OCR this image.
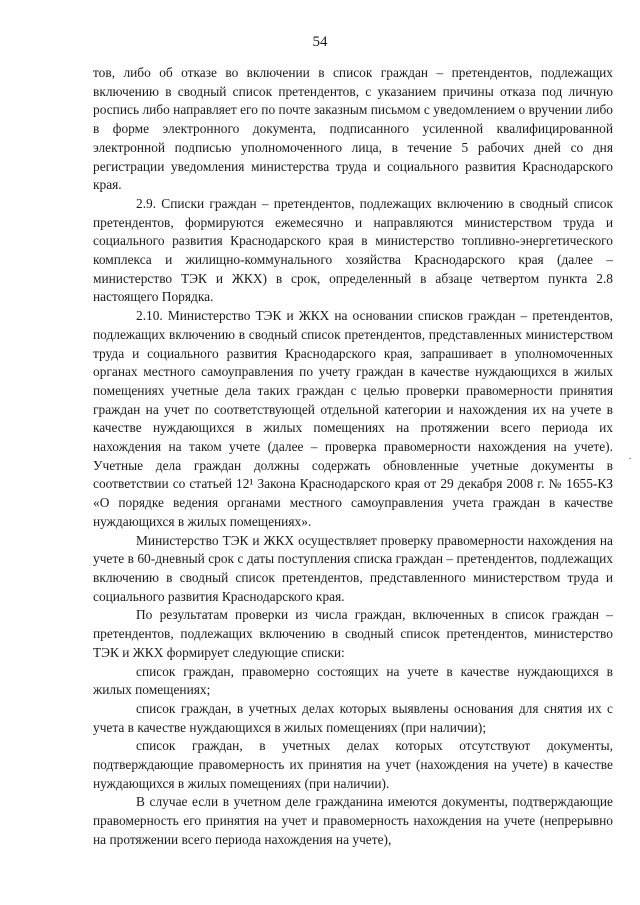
54

тов, либо об отказе во включении в список граждан – претендентов, подлежащих включению в сводный список претендентов, с указанием причины отказа под личную роспись либо направляет его по почте заказным письмом с уведомлением о вручении либо в форме электронного документа, подписанного усиленной квалифицированной электронной подписью уполномоченного лица, в течение 5 рабочих дней со дня регистрации уведомления министерства труда и социального развития Краснодарского края.

2.9. Списки граждан – претендентов, подлежащих включению в сводный список претендентов, формируются ежемесячно и направляются министерством труда и социального развития Краснодарского края в министерство топливно-энергетического комплекса и жилищно-коммунального хозяйства Краснодарского края (далее – министерство ТЭК и ЖКХ) в срок, определенный в абзаце четвертом пункта 2.8 настоящего Порядка.

2.10. Министерство ТЭК и ЖКХ на основании списков граждан – претендентов, подлежащих включению в сводный список претендентов, представленных министерством труда и социального развития Краснодарского края, запрашивает в уполномоченных органах местного самоуправления по учету граждан в качестве нуждающихся в жилых помещениях учетные дела таких граждан с целью проверки правомерности принятия граждан на учет по соответствующей отдельной категории и нахождения их на учете в качестве нуждающихся в жилых помещениях на протяжении всего периода их нахождения на таком учете (далее – проверка правомерности нахождения на учете). Учетные дела граждан должны содержать обновленные учетные документы в соответствии со статьей 12¹ Закона Краснодарского края от 29 декабря 2008 г. № 1655-КЗ «О порядке ведения органами местного самоуправления учета граждан в качестве нуждающихся в жилых помещениях».

Министерство ТЭК и ЖКХ осуществляет проверку правомерности нахождения на учете в 60-дневный срок с даты поступления списка граждан – претендентов, подлежащих включению в сводный список претендентов, представленного министерством труда и социального развития Краснодарского края.

По результатам проверки из числа граждан, включенных в список граждан – претендентов, подлежащих включению в сводный список претендентов, министерство ТЭК и ЖКХ формирует следующие списки:

список граждан, правомерно состоящих на учете в качестве нуждающихся в жилых помещениях;

список граждан, в учетных делах которых выявлены основания для снятия их с учета в качестве нуждающихся в жилых помещениях (при наличии);

список граждан, в учетных делах которых отсутствуют документы, подтверждающие правомерность их принятия на учет (нахождения на учете) в качестве нуждающихся в жилых помещениях (при наличии).

В случае если в учетном деле гражданина имеются документы, подтверждающие правомерность его принятия на учет и правомерность нахождения на учете (непрерывно на протяжении всего периода нахождения на учете),

·
